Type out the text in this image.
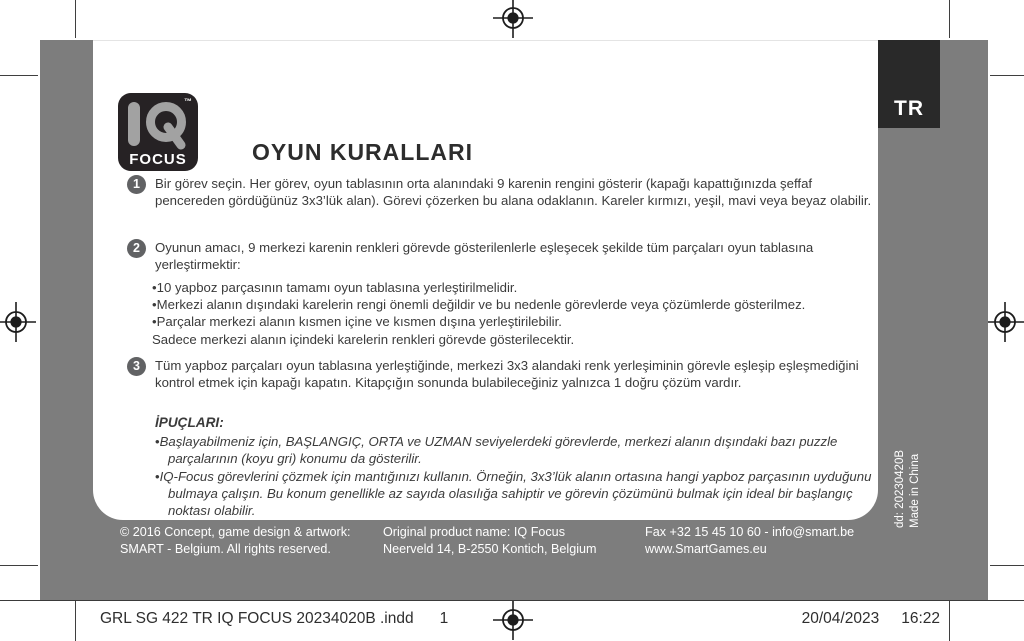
™
FOCUS	OYUN KURALLARI
1	Bir görev seçin. Her görev, oyun tablasının orta alanındaki 9 karenin rengini gösterir (kapağı kapattığınızda şeffaf pencereden gördüğünüz 3x3’lük alan). Görevi çözerken bu alana odaklanın. Kareler kırmızı, yeşil, mavi veya beyaz olabilir.
2	Oyunun amacı, 9 merkezi karenin renkleri görevde gösterilenlerle eşleşecek şekilde tüm parçaları oyun tablasına yerleştirmektir:
• 10 yapboz parçasının tamamı oyun tablasına yerleştirilmelidir.
• Merkezi alanın dışındaki karelerin rengi önemli değildir ve bu nedenle görevlerde veya çözümlerde gösterilmez.
• Parçalar merkezi alanın kısmen içine ve kısmen dışına yerleştirilebilir.
Sadece merkezi alanın içindeki karelerin renkleri görevde gösterilecektir.
3	Tüm yapboz parçaları oyun tablasına yerleştiğinde, merkezi 3x3 alandaki renk yerleşiminin görevle eşleşip eşleşmediğini kontrol etmek için kapağı kapatın. Kitapçığın sonunda bulabileceğiniz yalnızca 1 doğru çözüm vardır.
İPUÇLARI:
• Başlayabilmeniz için, BAŞLANGIÇ, ORTA ve UZMAN seviyelerdeki görevlerde, merkezi alanın dışındaki bazı puzzle parçalarının (koyu gri) konumu da gösterilir.
• IQ-Focus görevlerini çözmek için mantığınızı kullanın. Örneğin, 3x3’lük alanın ortasına hangi yapboz parçasının uyduğunu bulmaya çalışın. Bu konum genellikle az sayıda olasılığa sahiptir ve görevin çözümünü bulmak için ideal bir başlangıç noktası olabilir.
TR
dd: 20230420B Made in China
© 2016 Concept, game design & artwork:
SMART - Belgium. All rights reserved.
Original product name: IQ Focus
Neerveld 14, B-2550 Kontich, Belgium
Fax +32 15 45 10 60 - info@smart.be
www.SmartGames.eu
GRL SG 422 TR IQ FOCUS 20234020B .indd 1	20/04/2023 16:22
